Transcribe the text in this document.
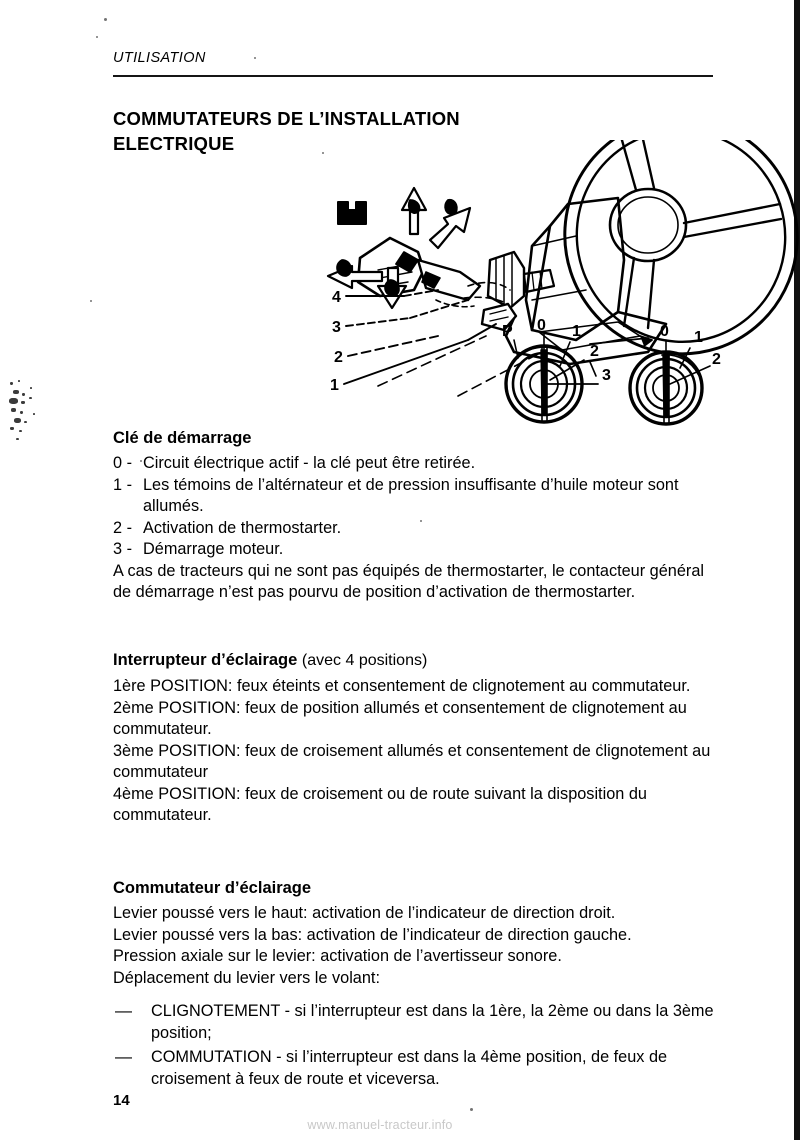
UTILISATION
COMMUTATEURS DE L’INSTALLATION ELECTRIQUE
4
3
2
1
P 0 1
2
3
0 1
2
Clé de démarrage
0 - Circuit électrique actif - la clé peut être retirée.
1 - Les témoins de l’altérnateur et de pression insuffisante d’huile moteur sont allumés.
2 - Activation de thermostarter.
3 - Démarrage moteur.

A cas de tracteurs qui ne sont pas équipés de thermostarter, le contacteur général de démarrage n’est pas pourvu de position d’activation de thermostarter.

Interrupteur d’éclairage (avec 4 positions)

1ère POSITION: feux éteints et consentement de clignotement au commutateur.

2ème POSITION: feux de position allumés et consentement de clignotement au commutateur.

3ème POSITION: feux de croisement allumés et consentement de clignotement au commutateur

4ème POSITION: feux de croisement ou de route suivant la disposition du commutateur.

Commutateur d’éclairage

Levier poussé vers le haut: activation de l’indicateur de direction droit.

Levier poussé vers la bas: activation de l’indicateur de direction gauche.

Pression axiale sur le levier: activation de l’avertisseur sonore.

Déplacement du levier vers le volant:

— CLIGNOTEMENT - si l’interrupteur est dans la 1ère, la 2ème ou dans la 3ème position;
— COMMUTATION - si l’interrupteur est dans la 4ème position, de feux de croisement à feux de route et viceversa.
14
www.manuel-tracteur.info
